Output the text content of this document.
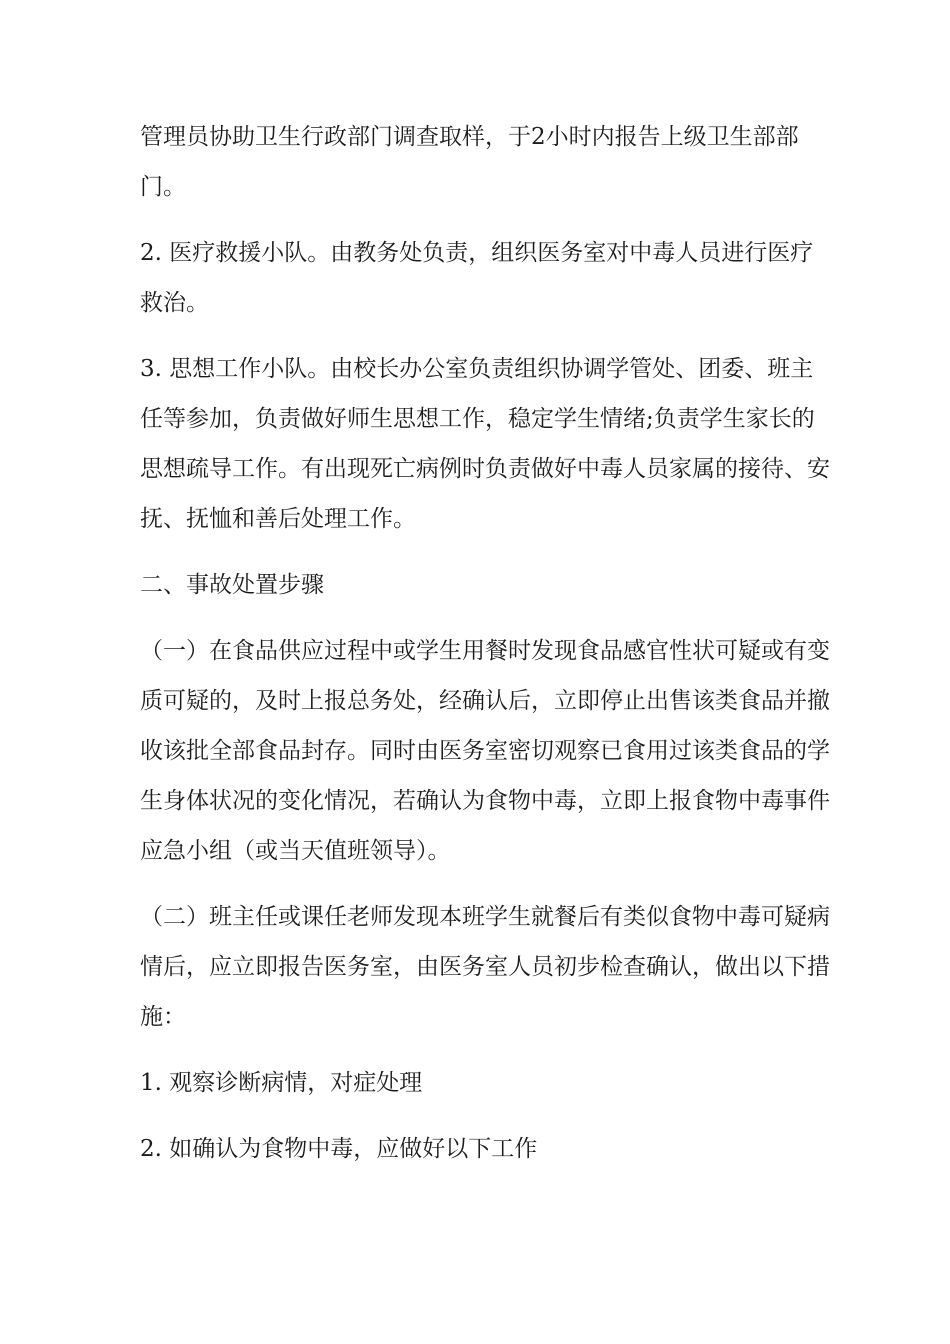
管理员协助卫生行政部门调查取样，于2小时内报告上级卫生部部门。

2. 医疗救援小队。由教务处负责，组织医务室对中毒人员进行医疗救治。

3. 思想工作小队。由校长办公室负责组织协调学管处、团委、班主任等参加，负责做好师生思想工作，稳定学生情绪;负责学生家长的思想疏导工作。有出现死亡病例时负责做好中毒人员家属的接待、安抚、抚恤和善后处理工作。

二、事故处置步骤

（一）在食品供应过程中或学生用餐时发现食品感官性状可疑或有变质可疑的，及时上报总务处，经确认后，立即停止出售该类食品并撤收该批全部食品封存。同时由医务室密切观察已食用过该类食品的学生身体状况的变化情况，若确认为食物中毒，立即上报食物中毒事件应急小组（或当天值班领导）。

（二）班主任或课任老师发现本班学生就餐后有类似食物中毒可疑病情后，应立即报告医务室，由医务室人员初步检查确认，做出以下措施：

1. 观察诊断病情，对症处理

2. 如确认为食物中毒，应做好以下工作
